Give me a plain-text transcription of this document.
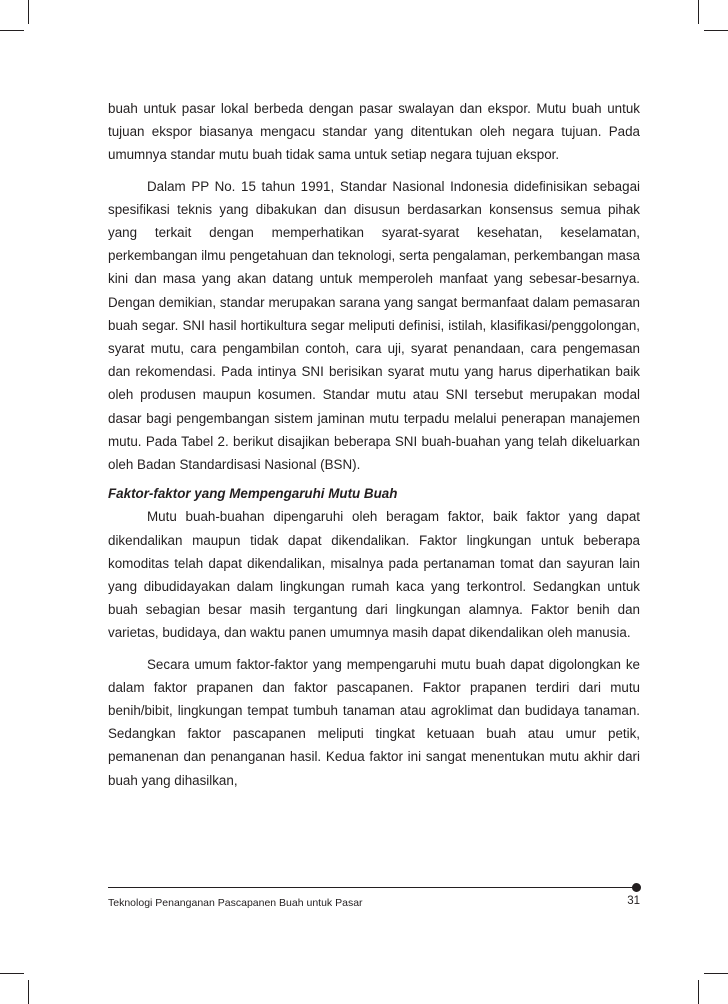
buah untuk pasar lokal berbeda dengan pasar swalayan dan ekspor. Mutu buah untuk tujuan ekspor biasanya mengacu standar yang ditentukan oleh negara tujuan. Pada umumnya standar mutu buah tidak sama untuk setiap negara tujuan ekspor.

Dalam PP No. 15 tahun 1991, Standar Nasional Indonesia didefinisikan sebagai spesifikasi teknis yang dibakukan dan disusun berdasarkan konsensus semua pihak yang terkait dengan memperhatikan syarat-syarat kesehatan, keselamatan, perkembangan ilmu pengetahuan dan teknologi, serta pengalaman, perkembangan masa kini dan masa yang akan datang untuk memperoleh manfaat yang sebesar-besarnya. Dengan demikian, standar merupakan sarana yang sangat bermanfaat dalam pemasaran buah segar. SNI hasil hortikultura segar meliputi definisi, istilah, klasifikasi/penggolongan, syarat mutu, cara pengambilan contoh, cara uji, syarat penandaan, cara pengemasan dan rekomendasi. Pada intinya SNI berisikan syarat mutu yang harus diperhatikan baik oleh produsen maupun kosumen. Standar mutu atau SNI tersebut merupakan modal dasar bagi pengembangan sistem jaminan mutu terpadu melalui penerapan manajemen mutu. Pada Tabel 2. berikut disajikan beberapa SNI buah-buahan yang telah dikeluarkan oleh Badan Standardisasi Nasional (BSN).

Faktor-faktor yang Mempengaruhi Mutu Buah

Mutu buah-buahan dipengaruhi oleh beragam faktor, baik faktor yang dapat dikendalikan maupun tidak dapat dikendalikan. Faktor lingkungan untuk beberapa komoditas telah dapat dikendalikan, misalnya pada pertanaman tomat dan sayuran lain yang dibudidayakan dalam lingkungan rumah kaca yang terkontrol. Sedangkan untuk buah sebagian besar masih tergantung dari lingkungan alamnya. Faktor benih dan varietas, budidaya, dan waktu panen umumnya masih dapat dikendalikan oleh manusia.

Secara umum faktor-faktor yang mempengaruhi mutu buah dapat digolongkan ke dalam faktor prapanen dan faktor pascapanen. Faktor prapanen terdiri dari mutu benih/bibit, lingkungan tempat tumbuh tanaman atau agroklimat dan budidaya tanaman. Sedangkan faktor pascapanen meliputi tingkat ketuaan buah atau umur petik, pemanenan dan penanganan hasil. Kedua faktor ini sangat menentukan mutu akhir dari buah yang dihasilkan,

Teknologi Penanganan Pascapanen Buah untuk Pasar	31
